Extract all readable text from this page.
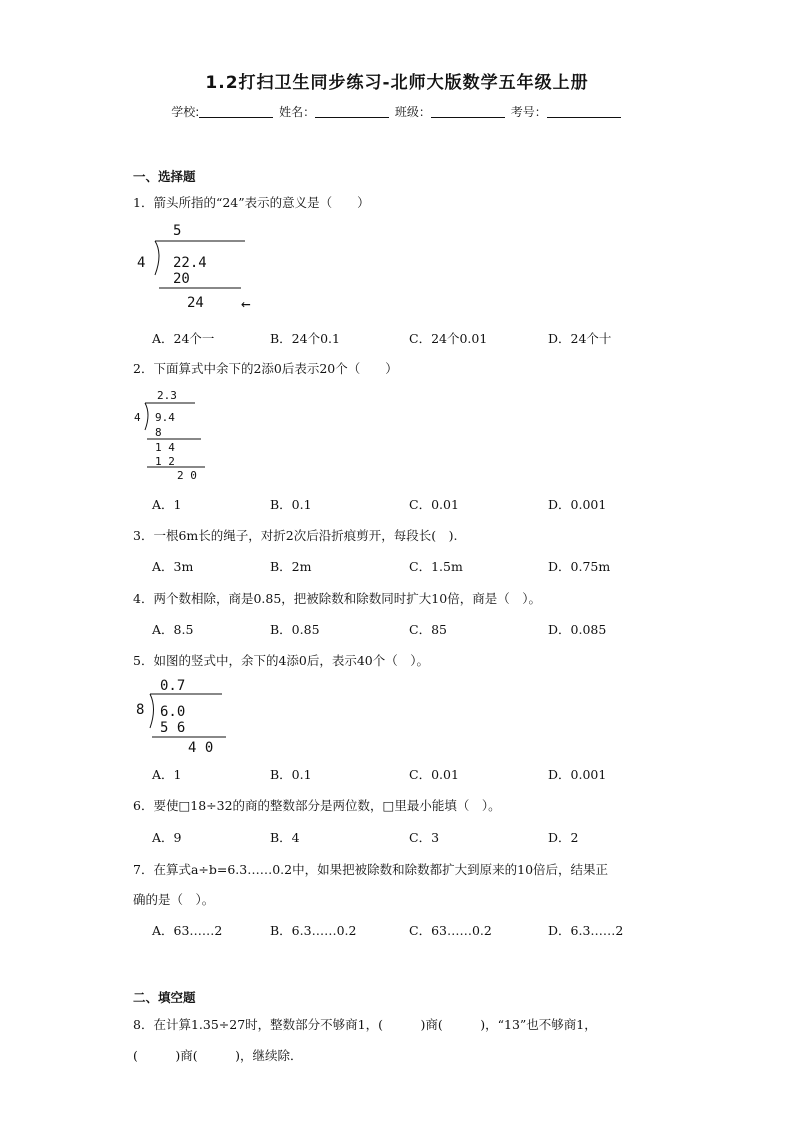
1.2打扫卫生同步练习-北师大版数学五年级上册
学校:	姓名：	班级：	考号：
一、选择题
1．箭头所指的“24”表示的意义是（　　）
5
4 22.4
20
24 ←
A．24个一	B．24个0.1	C．24个0.01	D．24个十
2．下面算式中余下的2添0后表示20个（　　）
2.3
4 9.4
8
1 4
1 2
2 0
A．1	B．0.1	C．0.01	D．0.001
3．一根6m长的绳子，对折2次后沿折痕剪开，每段长(　).
A．3m	B．2m	C．1.5m	D．0.75m
4．两个数相除，商是0.85，把被除数和除数同时扩大10倍，商是（　）。
A．8.5	B．0.85	C．85	D．0.085
5．如图的竖式中，余下的4添0后，表示40个（　）。
0.7
8 6.0
5 6
4 0
A．1	B．0.1	C．0.01	D．0.001
6．要使□18÷32的商的整数部分是两位数，□里最小能填（　）。
A．9	B．4	C．3	D．2
7．在算式a÷b=6.3……0.2中，如果把被除数和除数都扩大到原来的10倍后，结果正
确的是（　）。
A．63……2	B．6.3……0.2	C．63……0.2	D．6.3……2
二、填空题
8．在计算1.35÷27时，整数部分不够商1，(　　　)商(　　　)，“13”也不够商1，
(　　　)商(　　　)，继续除．
